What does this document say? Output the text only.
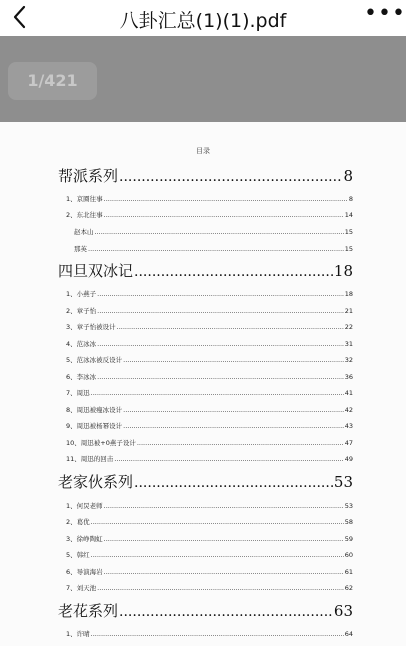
八卦汇总(1)(1).pdf	•••
1/421
目录
帮派系列 .....	8
1、京圈往事 .....	8
2、东北往事 .....	14
赵本山 .....	15
那英 .....	15
四旦双冰记 .....	18
1、小燕子 .....	18
2、章子怡 .....	21
3、章子怡被设计 .....	22
4、范冰冰 .....	31
5、范冰冰被反设计 .....	32
6、李冰冰 .....	36
7、周迅 .....	41
8、周迅被瘦冰设计 .....	42
9、周迅被杨幂设计 .....	43
10、周迅被+0燕子设计 .....	47
11、周迅的回击 .....	49
老家伙系列 .....	53
1、何炅老师 .....	53
2、葛优 .....	58
3、徐峥陶虹 .....	59
5、韩红 .....	60
6、导演海岩 .....	61
7、刘天池 .....	62
老花系列 .....	63
1、许晴 .....	64
